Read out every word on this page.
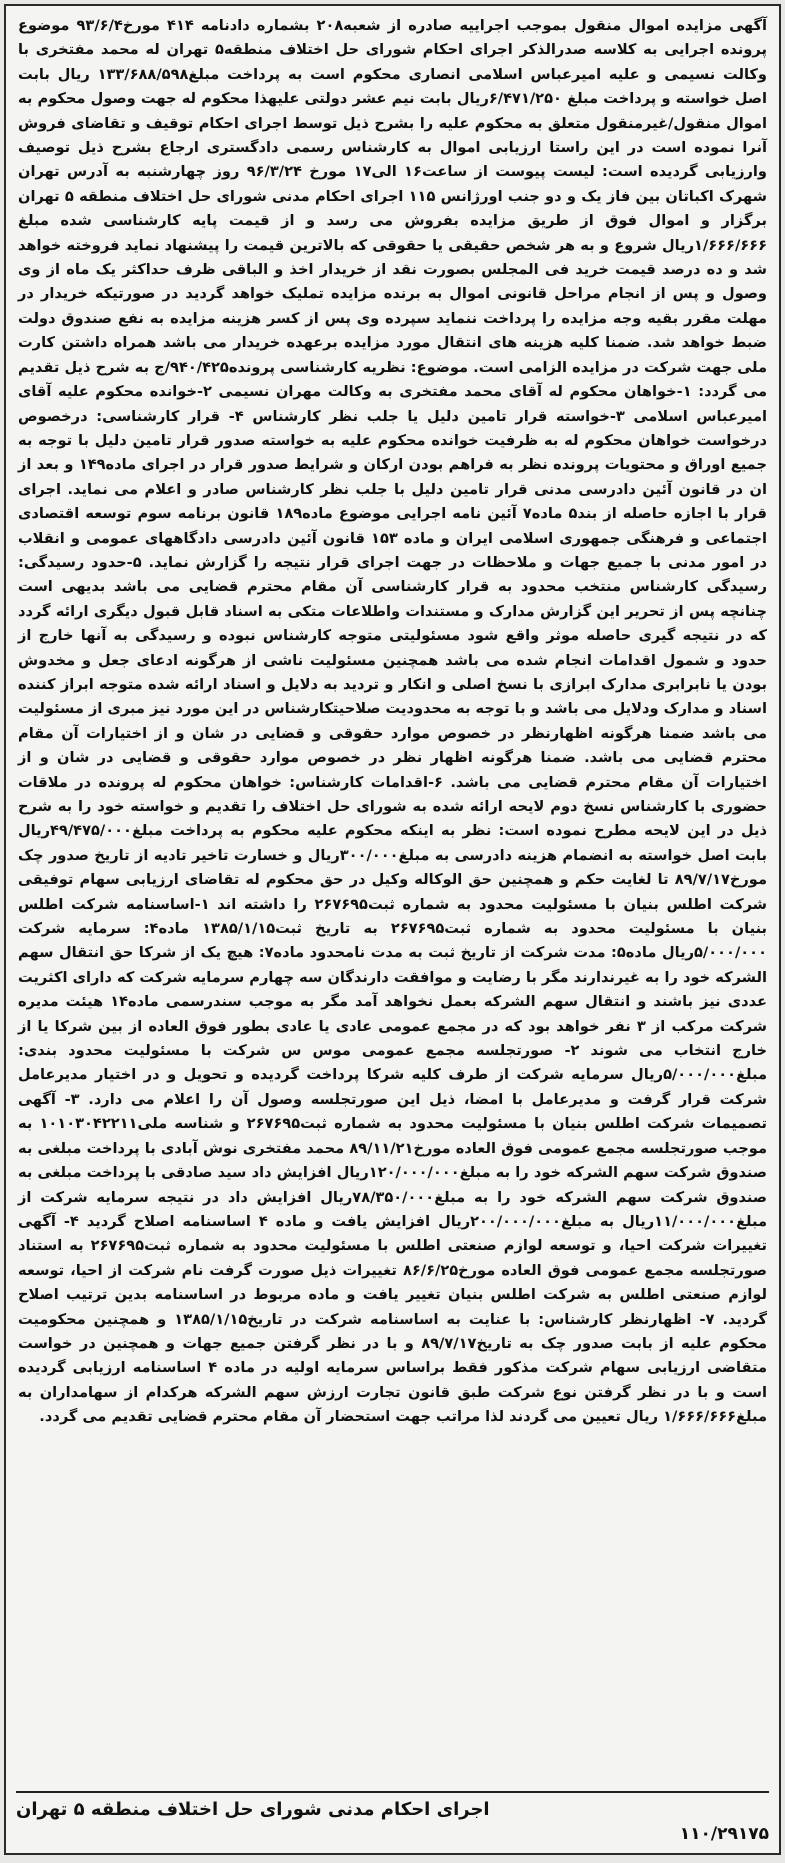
آگهی مزایده اموال منقول بموجب اجراییه صادره از شعبه۲۰۸ بشماره دادنامه ۴۱۴ مورخ۹۳/۶/۴ موضوع پرونده اجرایی به کلاسه صدرالذکر اجرای احکام شورای حل اختلاف منطقه۵ تهران له محمد مفتخری با وکالت نسیمی و علیه امیرعباس اسلامی انصاری محکوم است به پرداخت مبلغ۱۳۳/۶۸۸/۵۹۸ ریال بابت اصل خواسته و پرداخت مبلغ ۶/۴۷۱/۲۵۰ریال بابت نیم عشر دولتی علیهذا محکوم له جهت وصول محکوم به اموال منقول/غیرمنقول متعلق به محکوم علیه را بشرح ذیل توسط اجرای احکام توقیف و تقاضای فروش آنرا نموده است در این راستا ارزیابی اموال به کارشناس رسمی دادگستری ارجاع بشرح ذیل توصیف وارزیابی گردیده است: لیست پیوست از ساعت۱۶ الی۱۷ مورخ ۹۶/۳/۲۴ روز چهارشنبه به آدرس تهران شهرک اکباتان بین فاز یک و دو جنب اورژانس ۱۱۵ اجرای احکام مدنی شورای حل اختلاف منطقه ۵ تهران برگزار و اموال فوق از طریق مزایده بفروش می رسد و از قیمت پایه کارشناسی شده مبلغ ۱/۶۶۶/۶۶۶ریال شروع و به هر شخص حقیقی یا حقوقی که بالاترین قیمت را پیشنهاد نماید فروخته خواهد شد و ده درصد قیمت خرید فی المجلس بصورت نقد از خریدار اخذ و الباقی ظرف حداکثر یک ماه از وی وصول و پس از انجام مراحل قانونی اموال به برنده مزایده تملیک خواهد گردید در صورتیکه خریدار در مهلت مقرر بقیه وجه مزایده را پرداخت ننماید سپرده وی پس از کسر هزینه مزایده به نفع صندوق دولت ضبط خواهد شد. ضمنا کلیه هزینه های انتقال مورد مزایده برعهده خریدار می باشد همراه داشتن کارت ملی جهت شرکت در مزایده الزامی است. موضوع: نظریه کارشناسی پرونده۹۴۰/۴۲۵/ج به شرح ذیل تقدیم می گردد: ۱-خواهان محکوم له آقای محمد مفتخری به وکالت مهران نسیمی ۲-خوانده محکوم علیه آقای امیرعباس اسلامی ۳-خواسته قرار تامین دلیل یا جلب نظر کارشناس ۴- قرار کارشناسی: درخصوص درخواست خواهان محکوم له به ظرفیت خوانده محکوم علیه به خواسته صدور قرار تامین دلیل با توجه به جمیع اوراق و محتویات پرونده نظر به فراهم بودن ارکان و شرایط صدور قرار در اجرای ماده۱۴۹ و بعد از ان در قانون آئین دادرسی مدنی قرار تامین دلیل با جلب نظر کارشناس صادر و اعلام می نماید. اجرای قرار با اجازه حاصله از بند۵ ماده۷ آئین نامه اجرایی موضوع ماده۱۸۹ قانون برنامه سوم توسعه اقتصادی اجتماعی و فرهنگی جمهوری اسلامی ایران و ماده ۱۵۳ قانون آئین دادرسی دادگاههای عمومی و انقلاب در امور مدنی با جمیع جهات و ملاحظات در جهت اجرای قرار نتیجه را گزارش نماید. ۵-حدود رسیدگی: رسیدگی کارشناس منتخب محدود به قرار کارشناسی آن مقام محترم قضایی می باشد بدیهی است چنانچه پس از تحریر این گزارش مدارک و مستندات واطلاعات متکی به اسناد قابل قبول دیگری ارائه گردد که در نتیجه گیری حاصله موثر واقع شود مسئولیتی متوجه کارشناس نبوده و رسیدگی به آنها خارج از حدود و شمول اقدامات انجام شده می باشد همچنین مسئولیت ناشی از هرگونه ادعای جعل و مخدوش بودن یا نابرابری مدارک ابرازی با نسخ اصلی و انکار و تردید به دلایل و اسناد ارائه شده متوجه ابراز کننده اسناد و مدارک ودلایل می باشد و با توجه به محدودیت صلاحیتکارشناس در این مورد نیز مبری از مسئولیت می باشد ضمنا هرگونه اظهارنظر در خصوص موارد حقوقی و قضایی در شان و از اختیارات آن مقام محترم قضایی می باشد. ضمنا هرگونه اظهار نظر در خصوص موارد حقوقی و قضایی در شان و از اختیارات آن مقام محترم قضایی می باشد. ۶-اقدامات کارشناس: خواهان محکوم له پرونده در ملاقات حضوری با کارشناس نسخ دوم لایحه ارائه شده به شورای حل اختلاف را تقدیم و خواسته خود را به شرح ذیل در این لایحه مطرح نموده است: نظر به اینکه محکوم علیه محکوم به پرداخت مبلغ۴۹/۴۷۵/۰۰۰ریال بابت اصل خواسته به انضمام هزینه دادرسی به مبلغ۳۰۰/۰۰۰ریال و خسارت تاخیر تادیه از تاریخ صدور چک مورخ۸۹/۷/۱۷ تا لغایت حکم و همچنین حق الوکاله وکیل در حق محکوم له تقاضای ارزیابی سهام توفیقی شرکت اطلس بنیان با مسئولیت محدود به شماره ثبت۲۶۷۶۹۵ را داشته اند ۱-اساسنامه شرکت اطلس بنیان با مسئولیت محدود به شماره ثبت۲۶۷۶۹۵ به تاریخ ثبت۱۳۸۵/۱/۱۵ ماده۴: سرمایه شرکت ۵/۰۰۰/۰۰۰ریال ماده۵: مدت شرکت از تاریخ ثبت به مدت نامحدود ماده۷: هیچ یک از شرکا حق انتقال سهم الشرکه خود را به غیرندارند مگر با رضایت و موافقت دارندگان سه چهارم سرمایه شرکت که دارای اکثریت عددی نیز باشند و انتقال سهم الشرکه بعمل نخواهد آمد مگر به موجب سندرسمی ماده۱۴ هیئت مدیره شرکت مرکب از ۳ نفر خواهد بود که در مجمع عمومی عادی یا عادی بطور فوق العاده از بین شرکا یا از خارج انتخاب می شوند ۲- صورتجلسه مجمع عمومی موس س شرکت با مسئولیت محدود بندی: مبلغ۵/۰۰۰/۰۰۰ریال سرمایه شرکت از طرف کلیه شرکا پرداخت گردیده و تحویل و در اختیار مدیرعامل شرکت قرار گرفت و مدیرعامل با امضا، ذیل این صورتجلسه وصول آن را اعلام می دارد. ۳- آگهی تصمیمات شرکت اطلس بنیان با مسئولیت محدود به شماره ثبت۲۶۷۶۹۵ و شناسه ملی۱۰۱۰۳۰۴۲۲۱۱ به موجب صورتجلسه مجمع عمومی فوق العاده مورخ۸۹/۱۱/۲۱ محمد مفتخری نوش آبادی با پرداخت مبلغی به صندوق شرکت سهم الشرکه خود را به مبلغ۱۲۰/۰۰۰/۰۰۰ریال افزایش داد سید صادقی با پرداخت مبلغی به صندوق شرکت سهم الشرکه خود را به مبلغ۷۸/۳۵۰/۰۰۰ریال افزایش داد در نتیجه سرمایه شرکت از مبلغ۱۱/۰۰۰/۰۰۰ریال به مبلغ۲۰۰/۰۰۰/۰۰۰ریال افزایش یافت و ماده ۴ اساسنامه اصلاح گردید ۴- آگهی تغییرات شرکت احیا، و توسعه لوازم صنعتی اطلس با مسئولیت محدود به شماره ثبت۲۶۷۶۹۵ به استناد صورتجلسه مجمع عمومی فوق العاده مورخ۸۶/۶/۲۵ تغییرات ذیل صورت گرفت نام شرکت از احیا، توسعه لوازم صنعتی اطلس به شرکت اطلس بنیان تغییر یافت و ماده مربوط در اساسنامه بدین ترتیب اصلاح گردید. ۷- اظهارنظر کارشناس: با عنایت به اساسنامه شرکت در تاریخ۱۳۸۵/۱/۱۵ و همچنین محکومیت محکوم علیه از بابت صدور چک به تاریخ۸۹/۷/۱۷ و با در نظر گرفتن جمیع جهات و همچنین در خواست متقاضی ارزیابی سهام شرکت مذکور فقط براساس سرمایه اولیه در ماده ۴ اساسنامه ارزیابی گردیده است و با در نظر گرفتن نوع شرکت طبق قانون تجارت ارزش سهم الشرکه هرکدام از سهامداران به مبلغ۱/۶۶۶/۶۶۶ ریال تعیین می گردند لذا مراتب جهت استحضار آن مقام محترم قضایی تقدیم می گردد.

اجرای احکام مدنی شورای حل اختلاف منطقه ۵ تهران
۱۱۰/۲۹۱۷۵
